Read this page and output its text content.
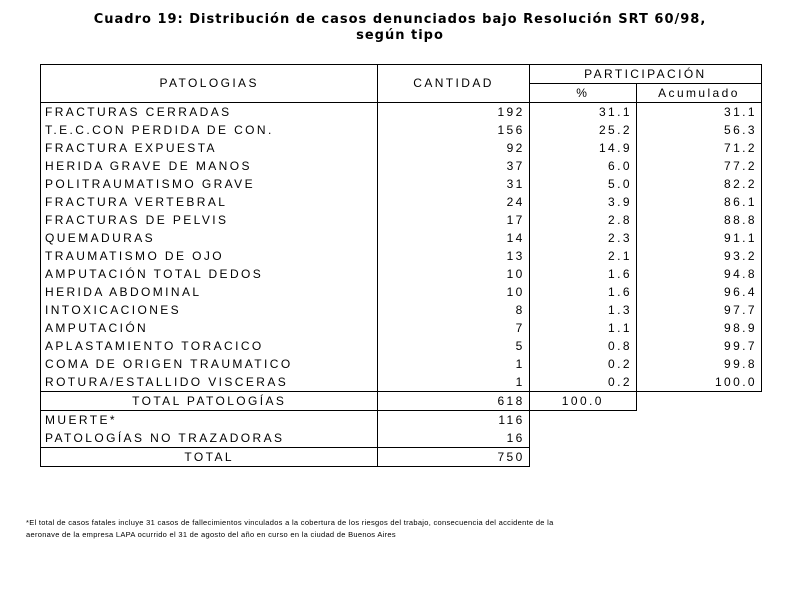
Cuadro 19: Distribución de casos denunciados bajo Resolución SRT 60/98,
según tipo
PATOLOGIAS	CANTIDAD	PARTICIPACIÓN	
		%	Acumulado
FRACTURAS CERRADAS	192	31.1	31.1
T.E.C.CON PERDIDA DE CON.	156	25.2	56.3
FRACTURA EXPUESTA	92	14.9	71.2
HERIDA GRAVE DE MANOS	37	6.0	77.2
POLITRAUMATISMO GRAVE	31	5.0	82.2
FRACTURA VERTEBRAL	24	3.9	86.1
FRACTURAS DE PELVIS	17	2.8	88.8
QUEMADURAS	14	2.3	91.1
TRAUMATISMO DE OJO	13	2.1	93.2
AMPUTACIÓN TOTAL DEDOS	10	1.6	94.8
HERIDA ABDOMINAL	10	1.6	96.4
INTOXICACIONES	8	1.3	97.7
AMPUTACIÓN	7	1.1	98.9
APLASTAMIENTO TORACICO	5	0.8	99.7
COMA DE ORIGEN TRAUMATICO	1	0.2	99.8
ROTURA/ESTALLIDO VISCERAS	1	0.2	100.0
TOTAL PATOLOGÍAS	618	100.0	
MUERTE*	116		
PATOLOGÍAS NO TRAZADORAS	16		
TOTAL	750		
*El total de casos fatales incluye 31 casos de fallecimientos vinculados a la cobertura de los riesgos del trabajo, consecuencia del accidente de la
aeronave de la empresa LAPA ocurrido el 31 de agosto del año en curso en la ciudad de Buenos Aires
